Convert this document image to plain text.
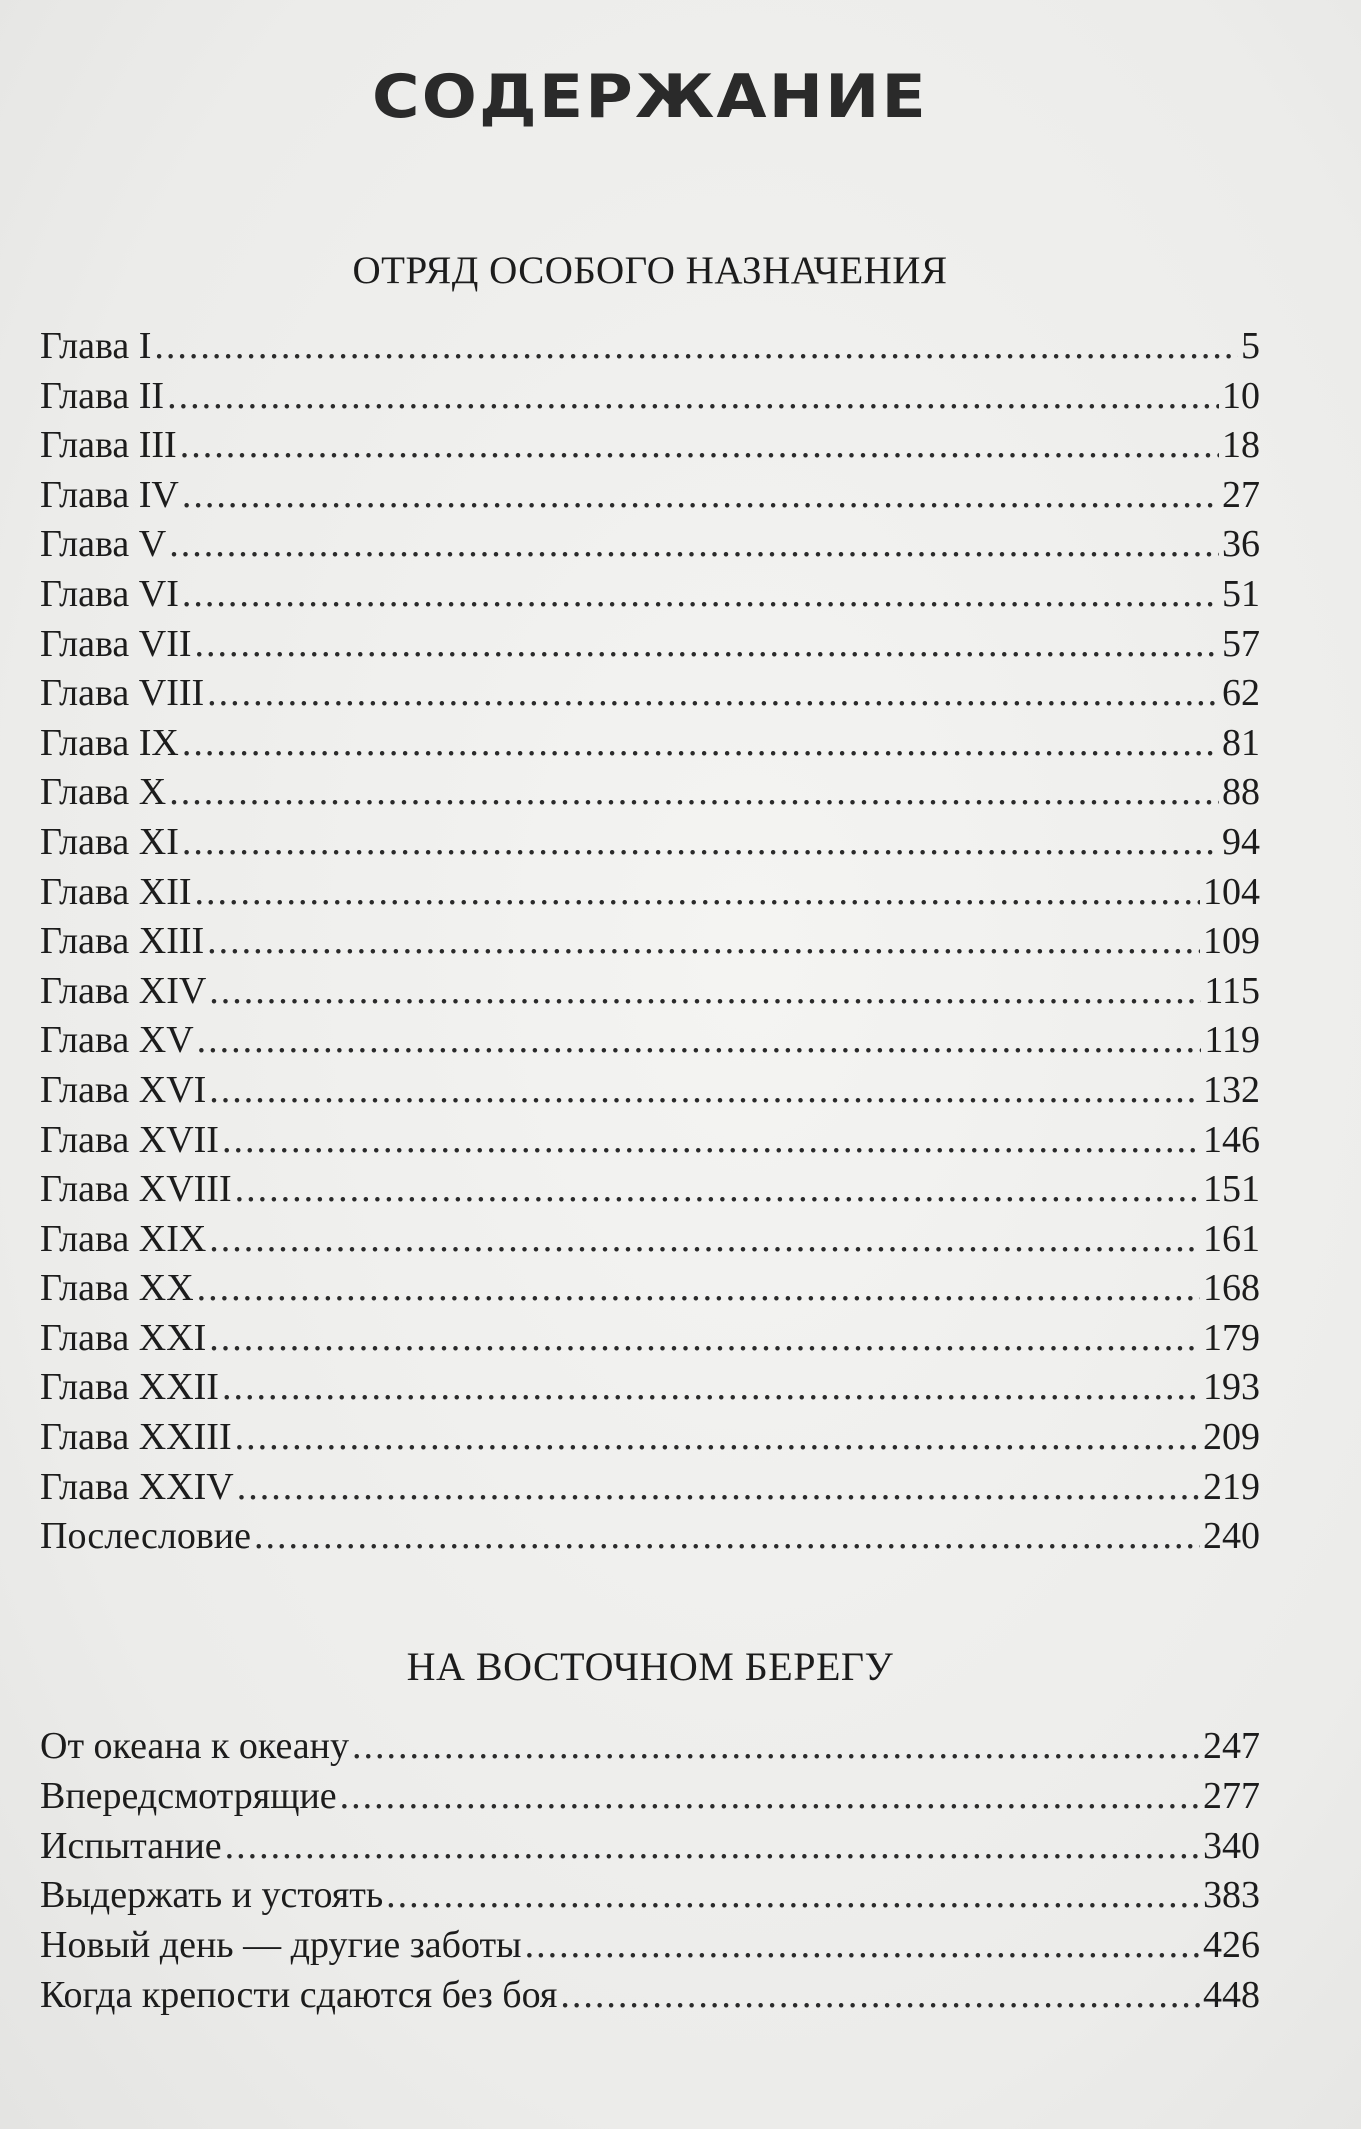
СОДЕРЖАНИЕ
ОТРЯД ОСОБОГО НАЗНАЧЕНИЯ
Глава I .....	5
Глава II .....	10
Глава III .....	18
Глава IV .....	27
Глава V .....	36
Глава VI .....	51
Глава VII .....	57
Глава VIII .....	62
Глава IX .....	81
Глава X .....	88
Глава XI .....	94
Глава XII .....	104
Глава XIII .....	109
Глава XIV .....	115
Глава XV .....	119
Глава XVI .....	132
Глава XVII .....	146
Глава XVIII .....	151
Глава XIX .....	161
Глава XX .....	168
Глава XXI .....	179
Глава XXII .....	193
Глава XXIII .....	209
Глава XXIV .....	219
Послесловие .....	240
НА ВОСТОЧНОМ БЕРЕГУ
От океана к океану .....	247
Впередсмотрящие .....	277
Испытание .....	340
Выдержать и устоять .....	383
Новый день — другие заботы .....	426
Когда крепости сдаются без боя .....	448
